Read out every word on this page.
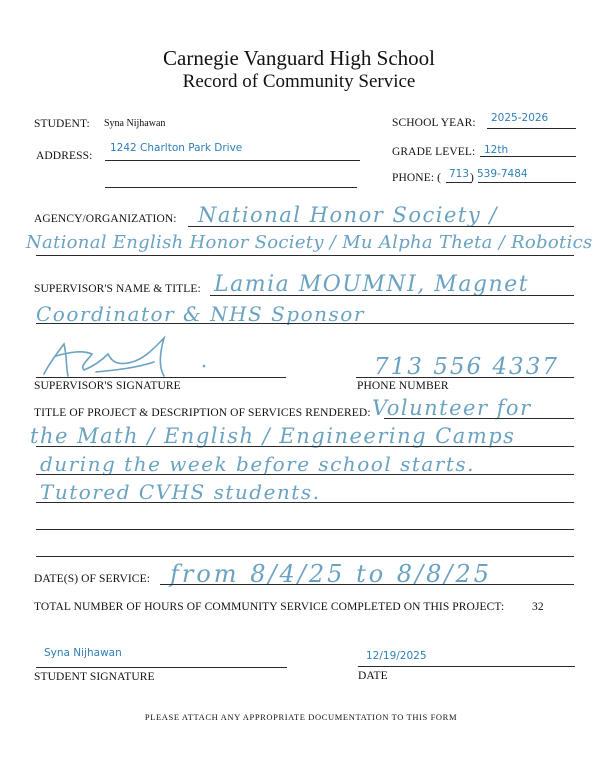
Carnegie Vanguard High School
Record of Community Service
STUDENT: Syna Nijhawan	SCHOOL YEAR: 2025-2026
ADDRESS:
1242 Charlton Park Drive	GRADE LEVEL: 12th
PHONE: ( 713 ) 539-7484
AGENCY/ORGANIZATION: National Honor Society /
National English Honor Society / Mu Alpha Theta / Robotics
SUPERVISOR'S NAME & TITLE: Lamia MOUMNI, Magnet
Coordinator & NHS Sponsor
SUPERVISOR'S SIGNATURE
713 556 4337
PHONE NUMBER
TITLE OF PROJECT & DESCRIPTION OF SERVICES RENDERED: Volunteer for
the Math / English / Engineering Camps
during the week before school starts.
Tutored CVHS students.
DATE(S) OF SERVICE: from 8/4/25 to 8/8/25
TOTAL NUMBER OF HOURS OF COMMUNITY SERVICE COMPLETED ON THIS PROJECT: 32
Syna Nijhawan
STUDENT SIGNATURE
12/19/2025
DATE
PLEASE ATTACH ANY APPROPRIATE DOCUMENTATION TO THIS FORM
